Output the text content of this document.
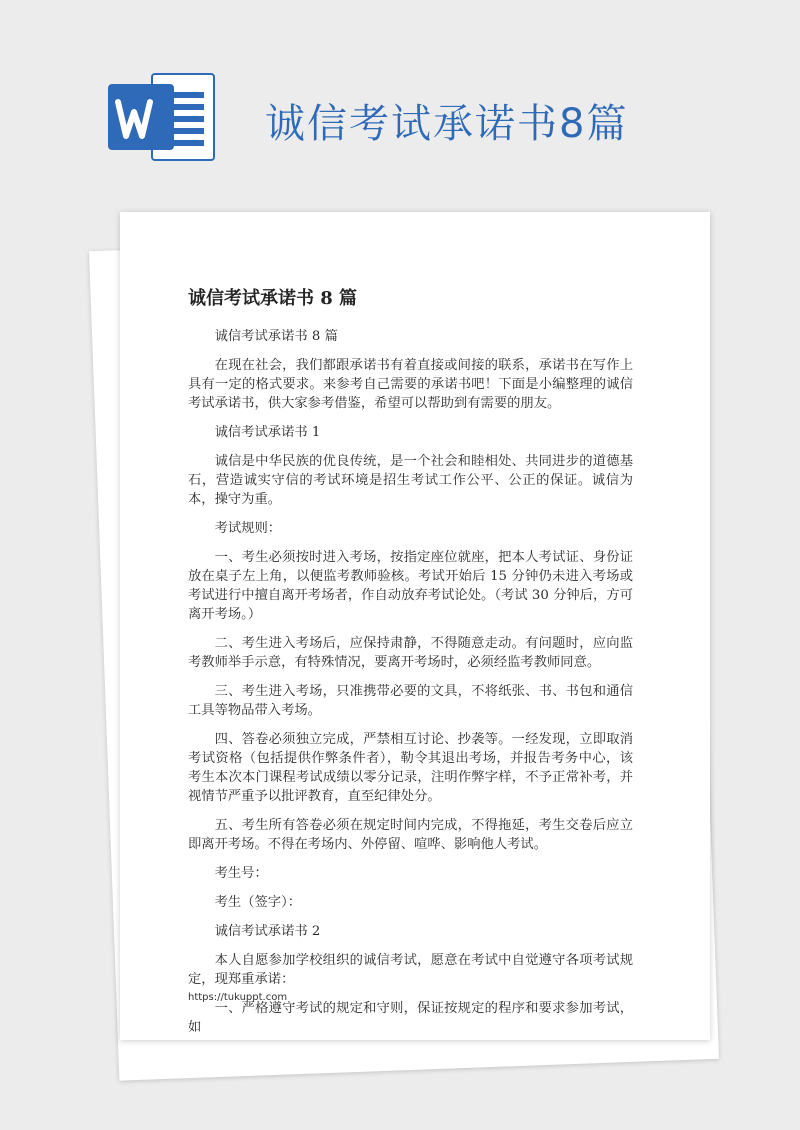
诚信考试承诺书8篇
诚信考试承诺书 8 篇

诚信考试承诺书 8 篇

在现在社会，我们都跟承诺书有着直接或间接的联系，承诺书在写作上具有一定的格式要求。来参考自己需要的承诺书吧！下面是小编整理的诚信考试承诺书，供大家参考借鉴，希望可以帮助到有需要的朋友。

诚信考试承诺书 1

诚信是中华民族的优良传统，是一个社会和睦相处、共同进步的道德基石，营造诚实守信的考试环境是招生考试工作公平、公正的保证。诚信为本，操守为重。

考试规则：

一、考生必须按时进入考场，按指定座位就座，把本人考试证、身份证放在桌子左上角，以便监考教师验核。考试开始后 15 分钟仍未进入考场或考试进行中擅自离开考场者，作自动放弃考试论处。（考试 30 分钟后，方可离开考场。）

二、考生进入考场后，应保持肃静，不得随意走动。有问题时，应向监考教师举手示意，有特殊情况，要离开考场时，必须经监考教师同意。

三、考生进入考场，只准携带必要的文具，不将纸张、书、书包和通信工具等物品带入考场。

四、答卷必须独立完成，严禁相互讨论、抄袭等。一经发现，立即取消考试资格（包括提供作弊条件者），勒令其退出考场，并报告考务中心，该考生本次本门课程考试成绩以零分记录，注明作弊字样，不予正常补考，并视情节严重予以批评教育，直至纪律处分。

五、考生所有答卷必须在规定时间内完成，不得拖延，考生交卷后应立即离开考场。不得在考场内、外停留、喧哗、影响他人考试。

考生号：

考生（签字）：

诚信考试承诺书 2

本人自愿参加学校组织的诚信考试，愿意在考试中自觉遵守各项考试规定，现郑重承诺：

一、严格遵守考试的规定和守则，保证按规定的程序和要求参加考试，如

https://tukuppt.com
